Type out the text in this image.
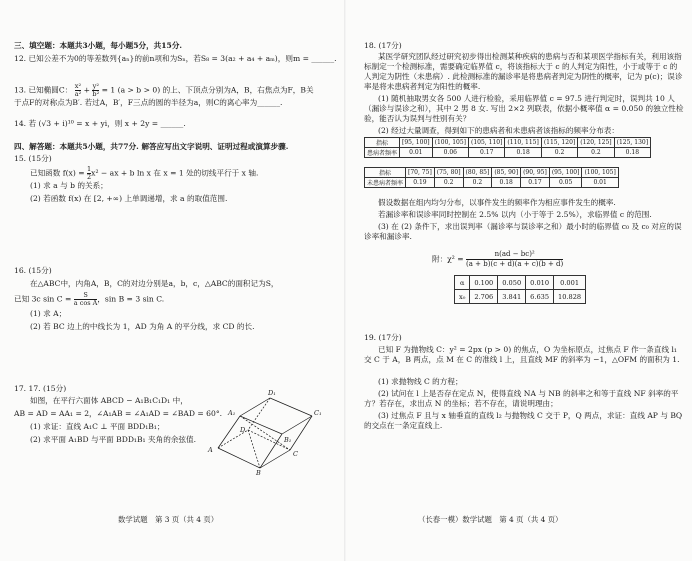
三、填空题：本题共3小题，每小题5分，共15分.
12. 已知公差不为0的等差数列{aₙ}的前n项和为Sₙ，若S₈ = 3(a₂ + a₄ + aₘ)，则m = ______.
13. 已知椭圆C： $\frac{\text{x²}}{\text{a²}} + \frac{\text{y²}}{\text{b²}} = 1$ (a > b > 0) 的上、下顶点分别为A，B，右焦点为F，B关
于点F的对称点为B′. 若过A，B′，F三点的圆的半径为a，则C的离心率为______.
14. 若 (√3 + i)¹⁰ = x + yi，则 x + 2y = ______.
四、解答题：本题共5小题，共77分. 解答应写出文字说明、证明过程或演算步骤.
15. (15分)
已知函数 $f(x) = \frac{1}{2} x^2$ − ax + b ln x 在 x = 1 处的切线平行于 x 轴.
(1) 求 a 与 b 的关系；
(2) 若函数 f(x) 在 [2, +∞) 上单调递增，求 a 的取值范围.
16. (15分)
在△ABC中，内角A，B，C的对边分别是a，b，c，△ABC的面积记为S，
已知 3c $\sin C = \frac{S}{\text{a cos A}}$ ，sin B = 3 sin C.
(1) 求 A；
(2) 若 BC 边上的中线长为 1，AD 为角 A 的平分线，求 CD 的长.
17. 17. (15分)
如图，在平行六面体 ABCD − A₁B₁C₁D₁ 中，
AB = AD = AA₁ = 2，∠A₁AB = ∠A₁AD = ∠BAD = 60°.
(1) 求证：直线 A₁C ⊥ 平面 BDD₁B₁；
(2) 求平面 A₁BD 与平面 BDD₁B₁ 夹角的余弦值.
A₁
B₁
C₁
D₁
A
B
C
D
数学试题　第 3 页（共 4 页）
18. (17分)
某医学研究团队经过研究初步得出检测某种疾病的患病与否和某项医学指标有关，利用该指标制定一个检测标准，需要确定临界值 c，将该指标大于 c 的人判定为阳性，小于或等于 c 的人判定为阴性（未患病）. 此检测标准的漏诊率是将患病者判定为阴性的概率，记为 p(c)；误诊率是将未患病者判定为阳性的概率.
(1) 随机抽取男女各 500 人进行检验，采用临界值 c = 97.5 进行判定时，误判共 10 人（漏诊与误诊之和），其中 2 男 8 女. 写出 2×2 列联表，依据小概率值 α = 0.050 的独立性检验，能否认为误判与性别有关？
(2) 经过大量调查，得到如下的患病者和未患病者该指标的频率分布表：
指标	[95, 100]	(100, 105]	(105, 110]	(110, 115]	(115, 120]	(120, 125]	(125, 130]
患病者频率	0.01	0.06	0.17	0.18	0.2	0.2	0.18
指标	[70, 75]	(75, 80]	(80, 85]	(85, 90]	(90, 95]	(95, 100]	(100, 105]
未患病者频率	0.19	0.2	0.2	0.18	0.17	0.05	0.01
假设数据在组内均匀分布，以事件发生的频率作为相应事件发生的概率.
若漏诊率和误诊率同时控制在 2.5% 以内（小于等于 2.5%），求临界值 c 的范围.
(3) 在 (2) 条件下，求出误判率（漏诊率与误诊率之和）最小时的临界值 c₀ 及 c₀ 对应的误诊率和漏诊率.
附：$\chi^2 = \frac{\text{n(ad − bc)²}}{(a + b)(c + d)(a + c)(b + d)}$
α	0.100	0.050	0.010	0.001
x₀	2.706	3.841	6.635	10.828
19. (17分)
已知 F 为抛物线 C：y² = 2px (p > 0) 的焦点，O 为坐标原点，过焦点 F 作一条直线 l₁ 交 C 于 A，B 两点，点 M 在 C 的准线 l 上，且直线 MF 的斜率为 −1，△OFM 的面积为 1.
(1) 求抛物线 C 的方程；
(2) 试问在 l 上是否存在定点 N，使得直线 NA 与 NB 的斜率之和等于直线 NF 斜率的平方？若存在，求出点 N 的坐标；若不存在，请说明理由；
(3) 过焦点 F 且与 x 轴垂直的直线 l₂ 与抛物线 C 交于 P，Q 两点，求证：直线 AP 与 BQ 的交点在一条定直线上.
（长春一模）数学试题　第 4 页（共 4 页）
